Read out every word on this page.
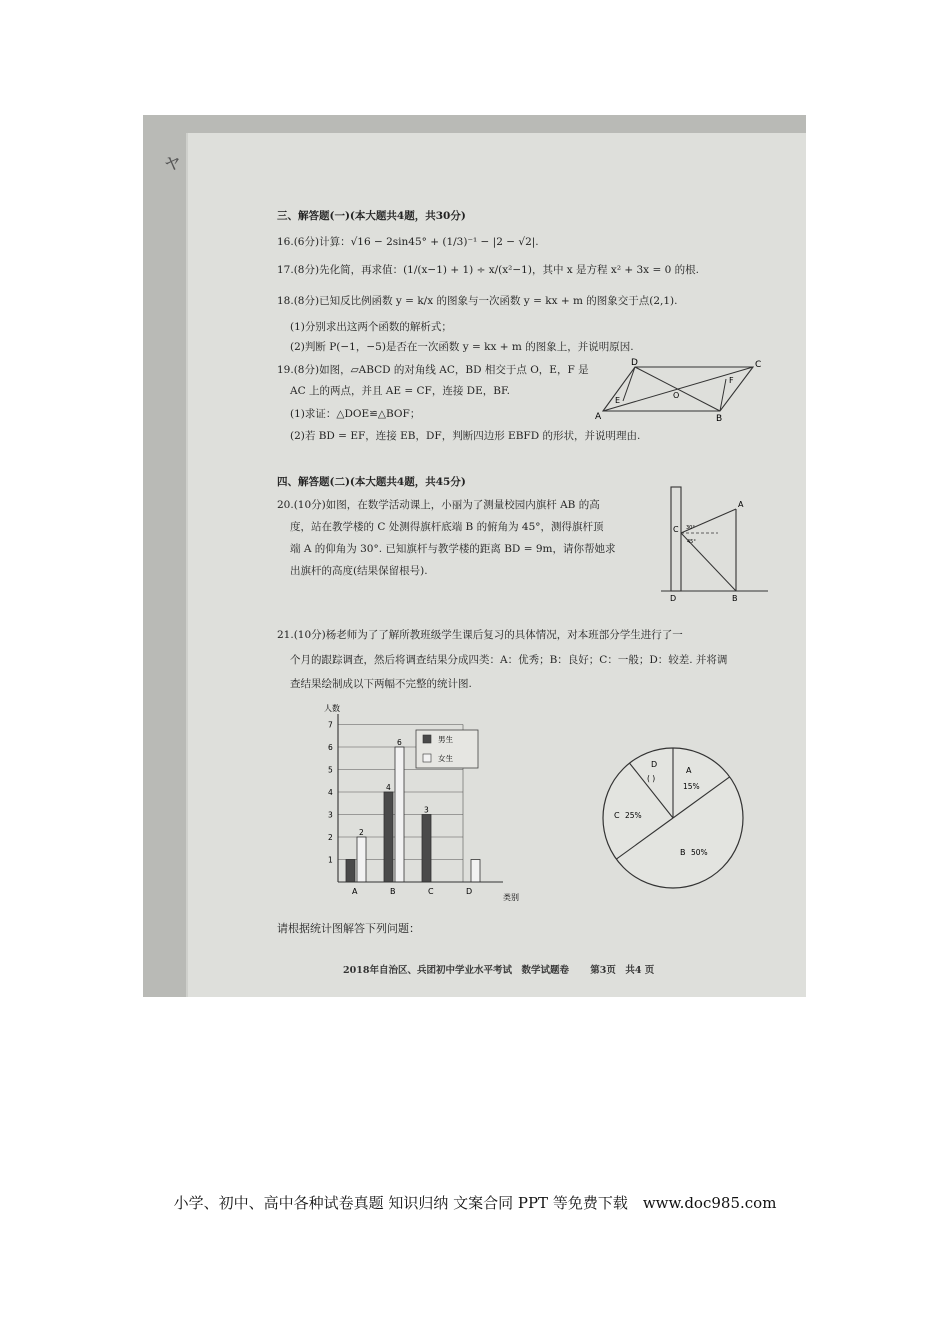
ャ
三、解答题(一)(本大题共4题，共30分)
16.(6分)计算：√16 − 2sin45° + (1/3)⁻¹ − |2 − √2|.
17.(8分)先化简，再求值：(1/(x−1) + 1) ÷ x/(x²−1)，其中 x 是方程 x² + 3x = 0 的根.
18.(8分)已知反比例函数 y = k/x 的图象与一次函数 y = kx + m 的图象交于点(2,1).
(1)分别求出这两个函数的解析式；
(2)判断 P(−1，−5)是否在一次函数 y = kx + m 的图象上，并说明原因.
19.(8分)如图，▱ABCD 的对角线 AC，BD 相交于点 O，E，F 是
AC 上的两点，并且 AE = CF，连接 DE，BF.
(1)求证：△DOE≌△BOF；
(2)若 BD = EF，连接 EB，DF，判断四边形 EBFD 的形状，并说明理由.
D	C
A	B
E
O
F
四、解答题(二)(本大题共4题，共45分)
20.(10分)如图，在数学活动课上，小丽为了测量校园内旗杆 AB 的高
度，站在教学楼的 C 处测得旗杆底端 B 的俯角为 45°，测得旗杆顶
端 A 的仰角为 30°. 已知旗杆与教学楼的距离 BD = 9m，请你帮她求
出旗杆的高度(结果保留根号).
A
C 30°
45°
D	B
21.(10分)杨老师为了了解所教班级学生课后复习的具体情况，对本班部分学生进行了一
个月的跟踪调查，然后将调查结果分成四类：A：优秀；B：良好；C：一般；D：较差. 并将调
查结果绘制成以下两幅不完整的统计图.
人数
1
2
3
4
5
6
7
2
4
6
3
A	B	C	D
类别
男生
女生
A
15%
B 50%
C 25%
D
( )
请根据统计图解答下列问题：
2018年自治区、兵团初中学业水平考试　数学试题卷 第3页　共4 页
小学、初中、高中各种试卷真题 知识归纳 文案合同 PPT 等免费下载　www.doc985.com
